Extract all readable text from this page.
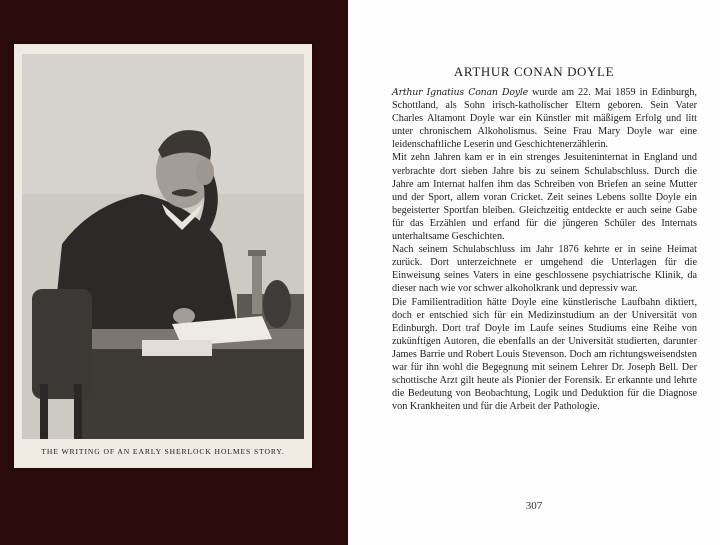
THE WRITING OF AN EARLY SHERLOCK HOLMES STORY.
ARTHUR CONAN DOYLE

Arthur Ignatius Conan Doyle wurde am 22. Mai 1859 in Edinburgh, Schottland, als Sohn irisch-katholischer Eltern geboren. Sein Vater Charles Altamont Doyle war ein Künstler mit mäßigem Erfolg und litt unter chronischem Alkoholismus. Seine Frau Mary Doyle war eine leidenschaftliche Leserin und Geschichtenerzählerin.

Mit zehn Jahren kam er in ein strenges Jesuiteninternat in England und verbrachte dort sieben Jahre bis zu seinem Schulabschluss. Durch die Jahre am Internat halfen ihm das Schreiben von Briefen an seine Mutter und der Sport, allem voran Cricket. Zeit seines Lebens sollte Doyle ein begeisterter Sportfan bleiben. Gleichzeitig entdeckte er auch seine Gabe für das Erzählen und erfand für die jüngeren Schüler des Internats unterhaltsame Geschichten.

Nach seinem Schulabschluss im Jahr 1876 kehrte er in seine Heimat zurück. Dort unterzeichnete er umgehend die Unterlagen für die Einweisung seines Vaters in eine geschlossene psychiatrische Klinik, da dieser nach wie vor schwer alkoholkrank und depressiv war.

Die Familientradition hätte Doyle eine künstlerische Laufbahn diktiert, doch er entschied sich für ein Medizinstudium an der Universität von Edinburgh. Dort traf Doyle im Laufe seines Studiums eine Reihe von zukünftigen Autoren, die ebenfalls an der Universität studierten, darunter James Barrie und Robert Louis Stevenson. Doch am richtungsweisendsten war für ihn wohl die Begegnung mit seinem Lehrer Dr. Joseph Bell. Der schottische Arzt gilt heute als Pionier der Forensik. Er erkannte und lehrte die Bedeutung von Beobachtung, Logik und Deduktion für die Diagnose von Krankheiten und für die Arbeit der Pathologie.

307
